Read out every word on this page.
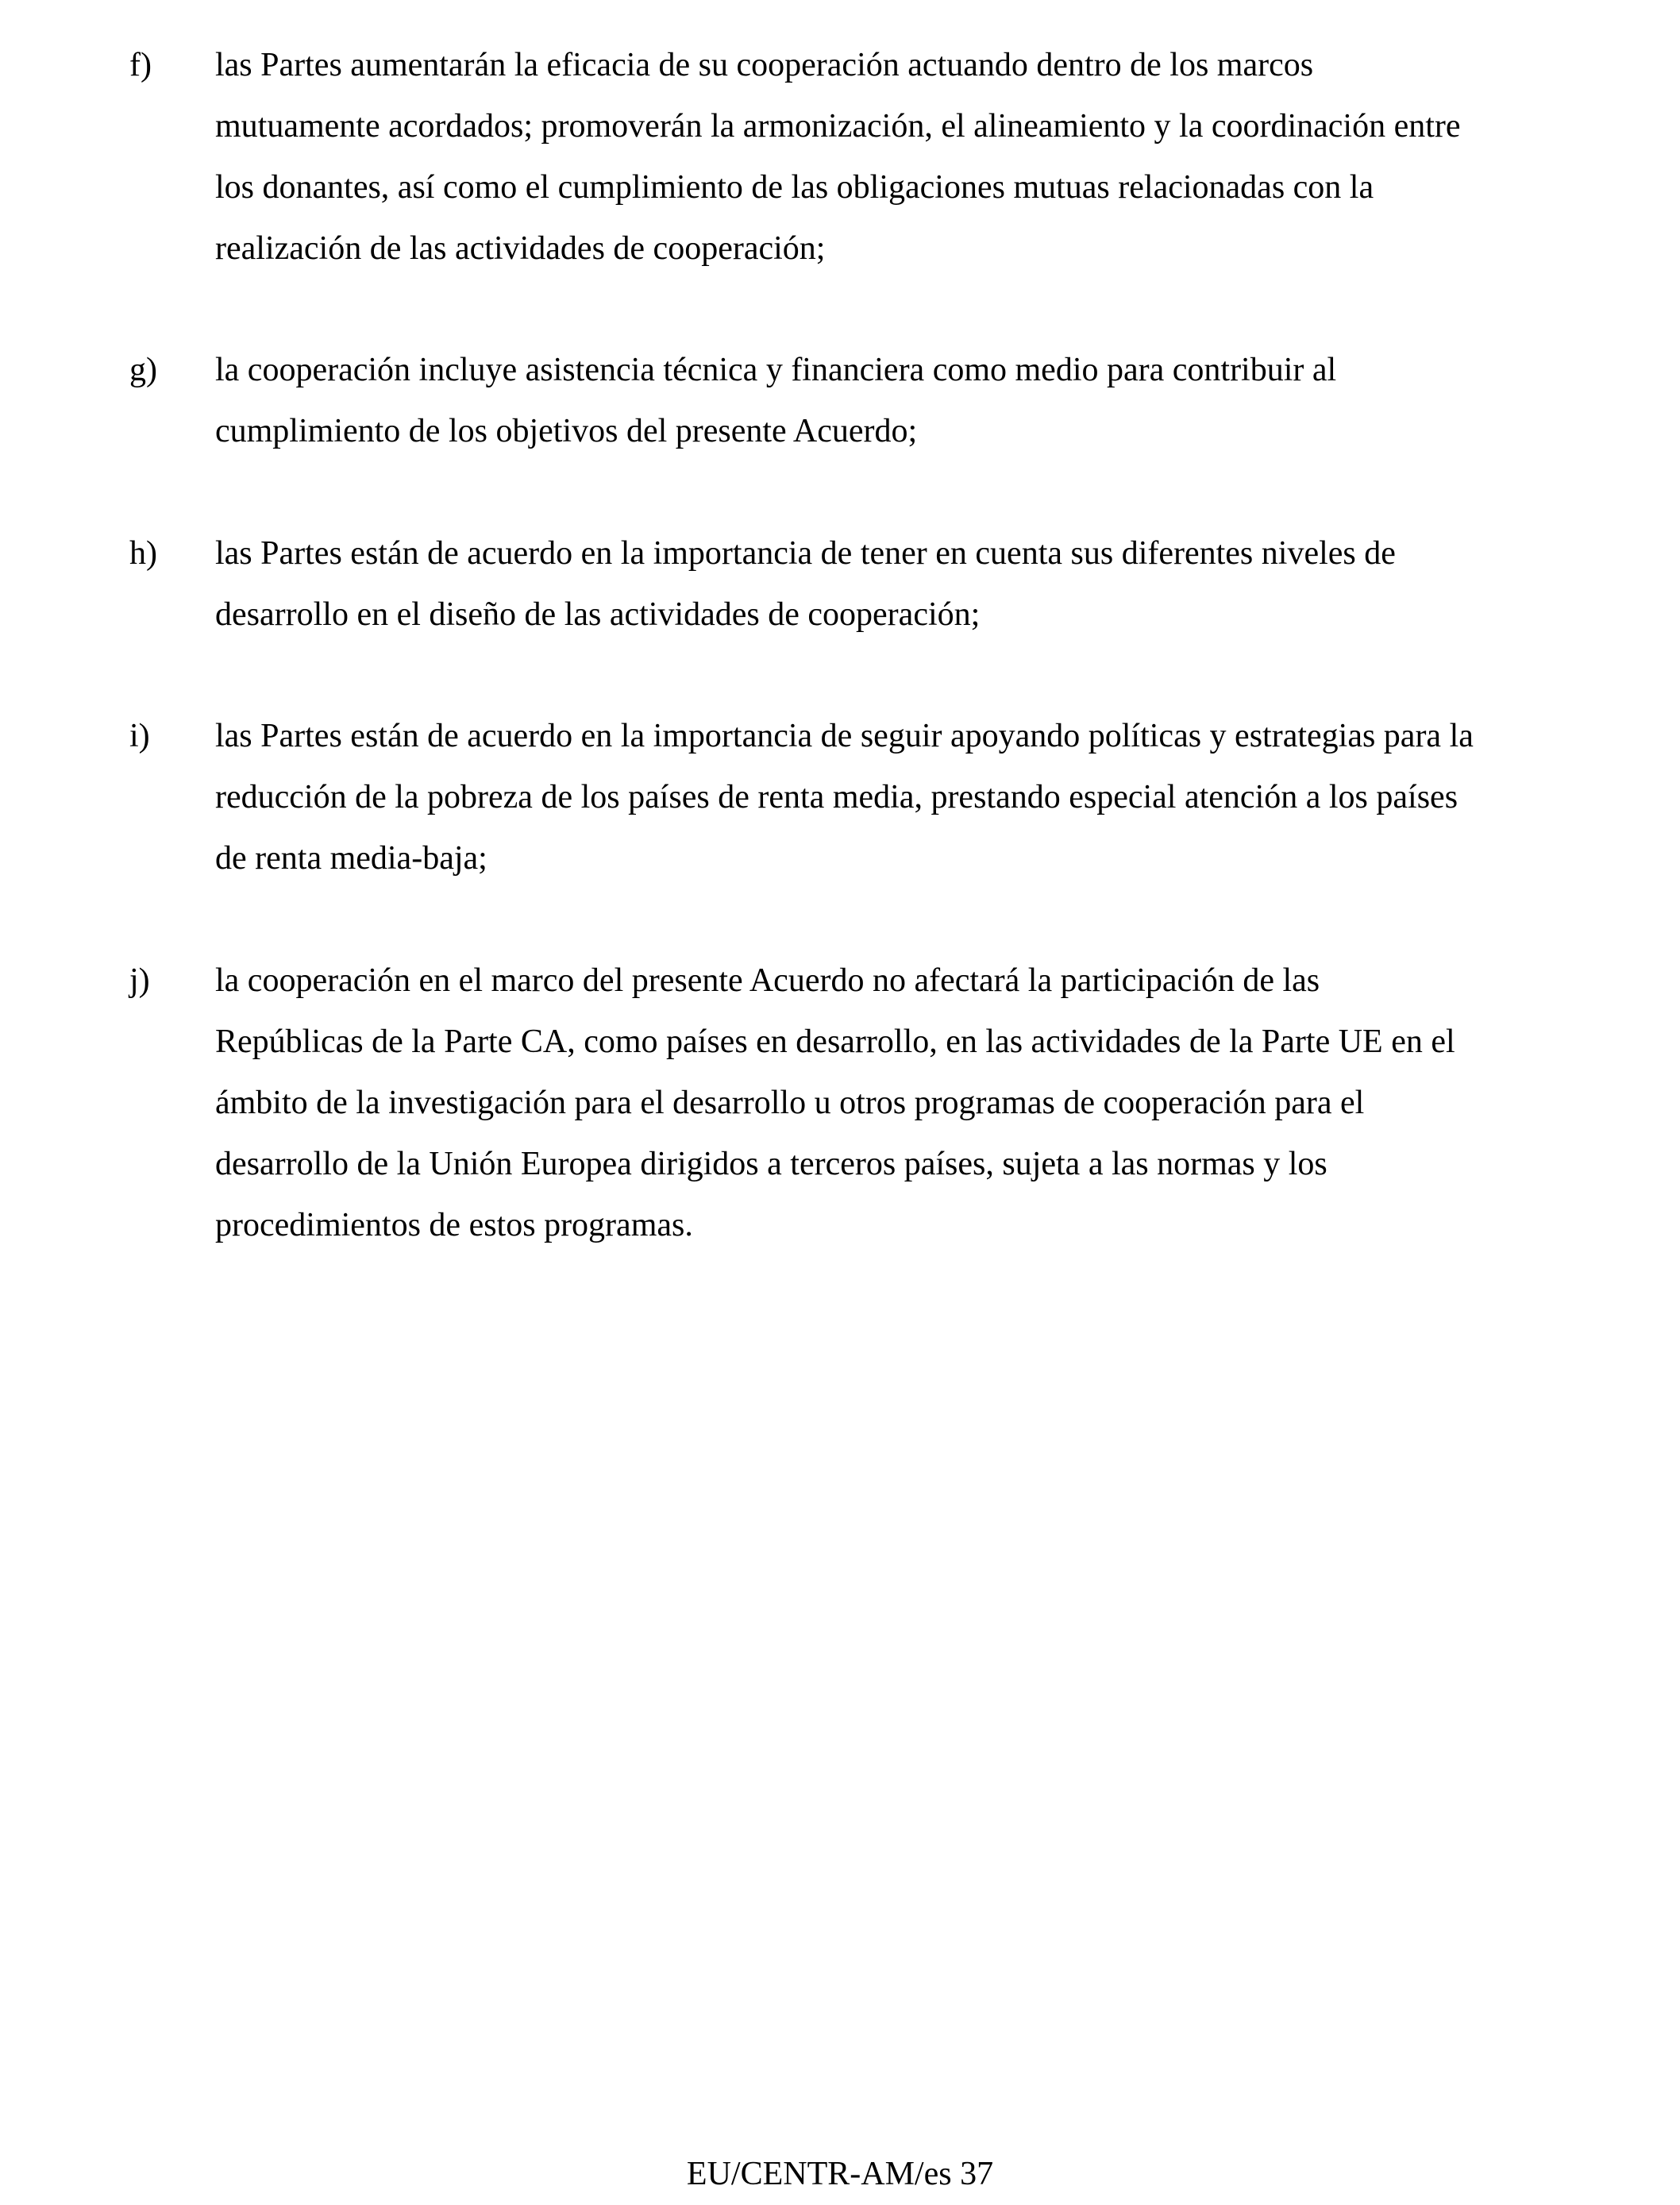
f) las Partes aumentarán la eficacia de su cooperación actuando dentro de los marcos
mutuamente acordados; promoverán la armonización, el alineamiento y la coordinación entre
los donantes, así como el cumplimiento de las obligaciones mutuas relacionadas con la
realización de las actividades de cooperación;
g) la cooperación incluye asistencia técnica y financiera como medio para contribuir al
cumplimiento de los objetivos del presente Acuerdo;
h) las Partes están de acuerdo en la importancia de tener en cuenta sus diferentes niveles de
desarrollo en el diseño de las actividades de cooperación;
i) las Partes están de acuerdo en la importancia de seguir apoyando políticas y estrategias para la
reducción de la pobreza de los países de renta media, prestando especial atención a los países
de renta media-baja;
j) la cooperación en el marco del presente Acuerdo no afectará la participación de las
Repúblicas de la Parte CA, como países en desarrollo, en las actividades de la Parte UE en el
ámbito de la investigación para el desarrollo u otros programas de cooperación para el
desarrollo de la Unión Europea dirigidos a terceros países, sujeta a las normas y los
procedimientos de estos programas.
EU/CENTR-AM/es 37
